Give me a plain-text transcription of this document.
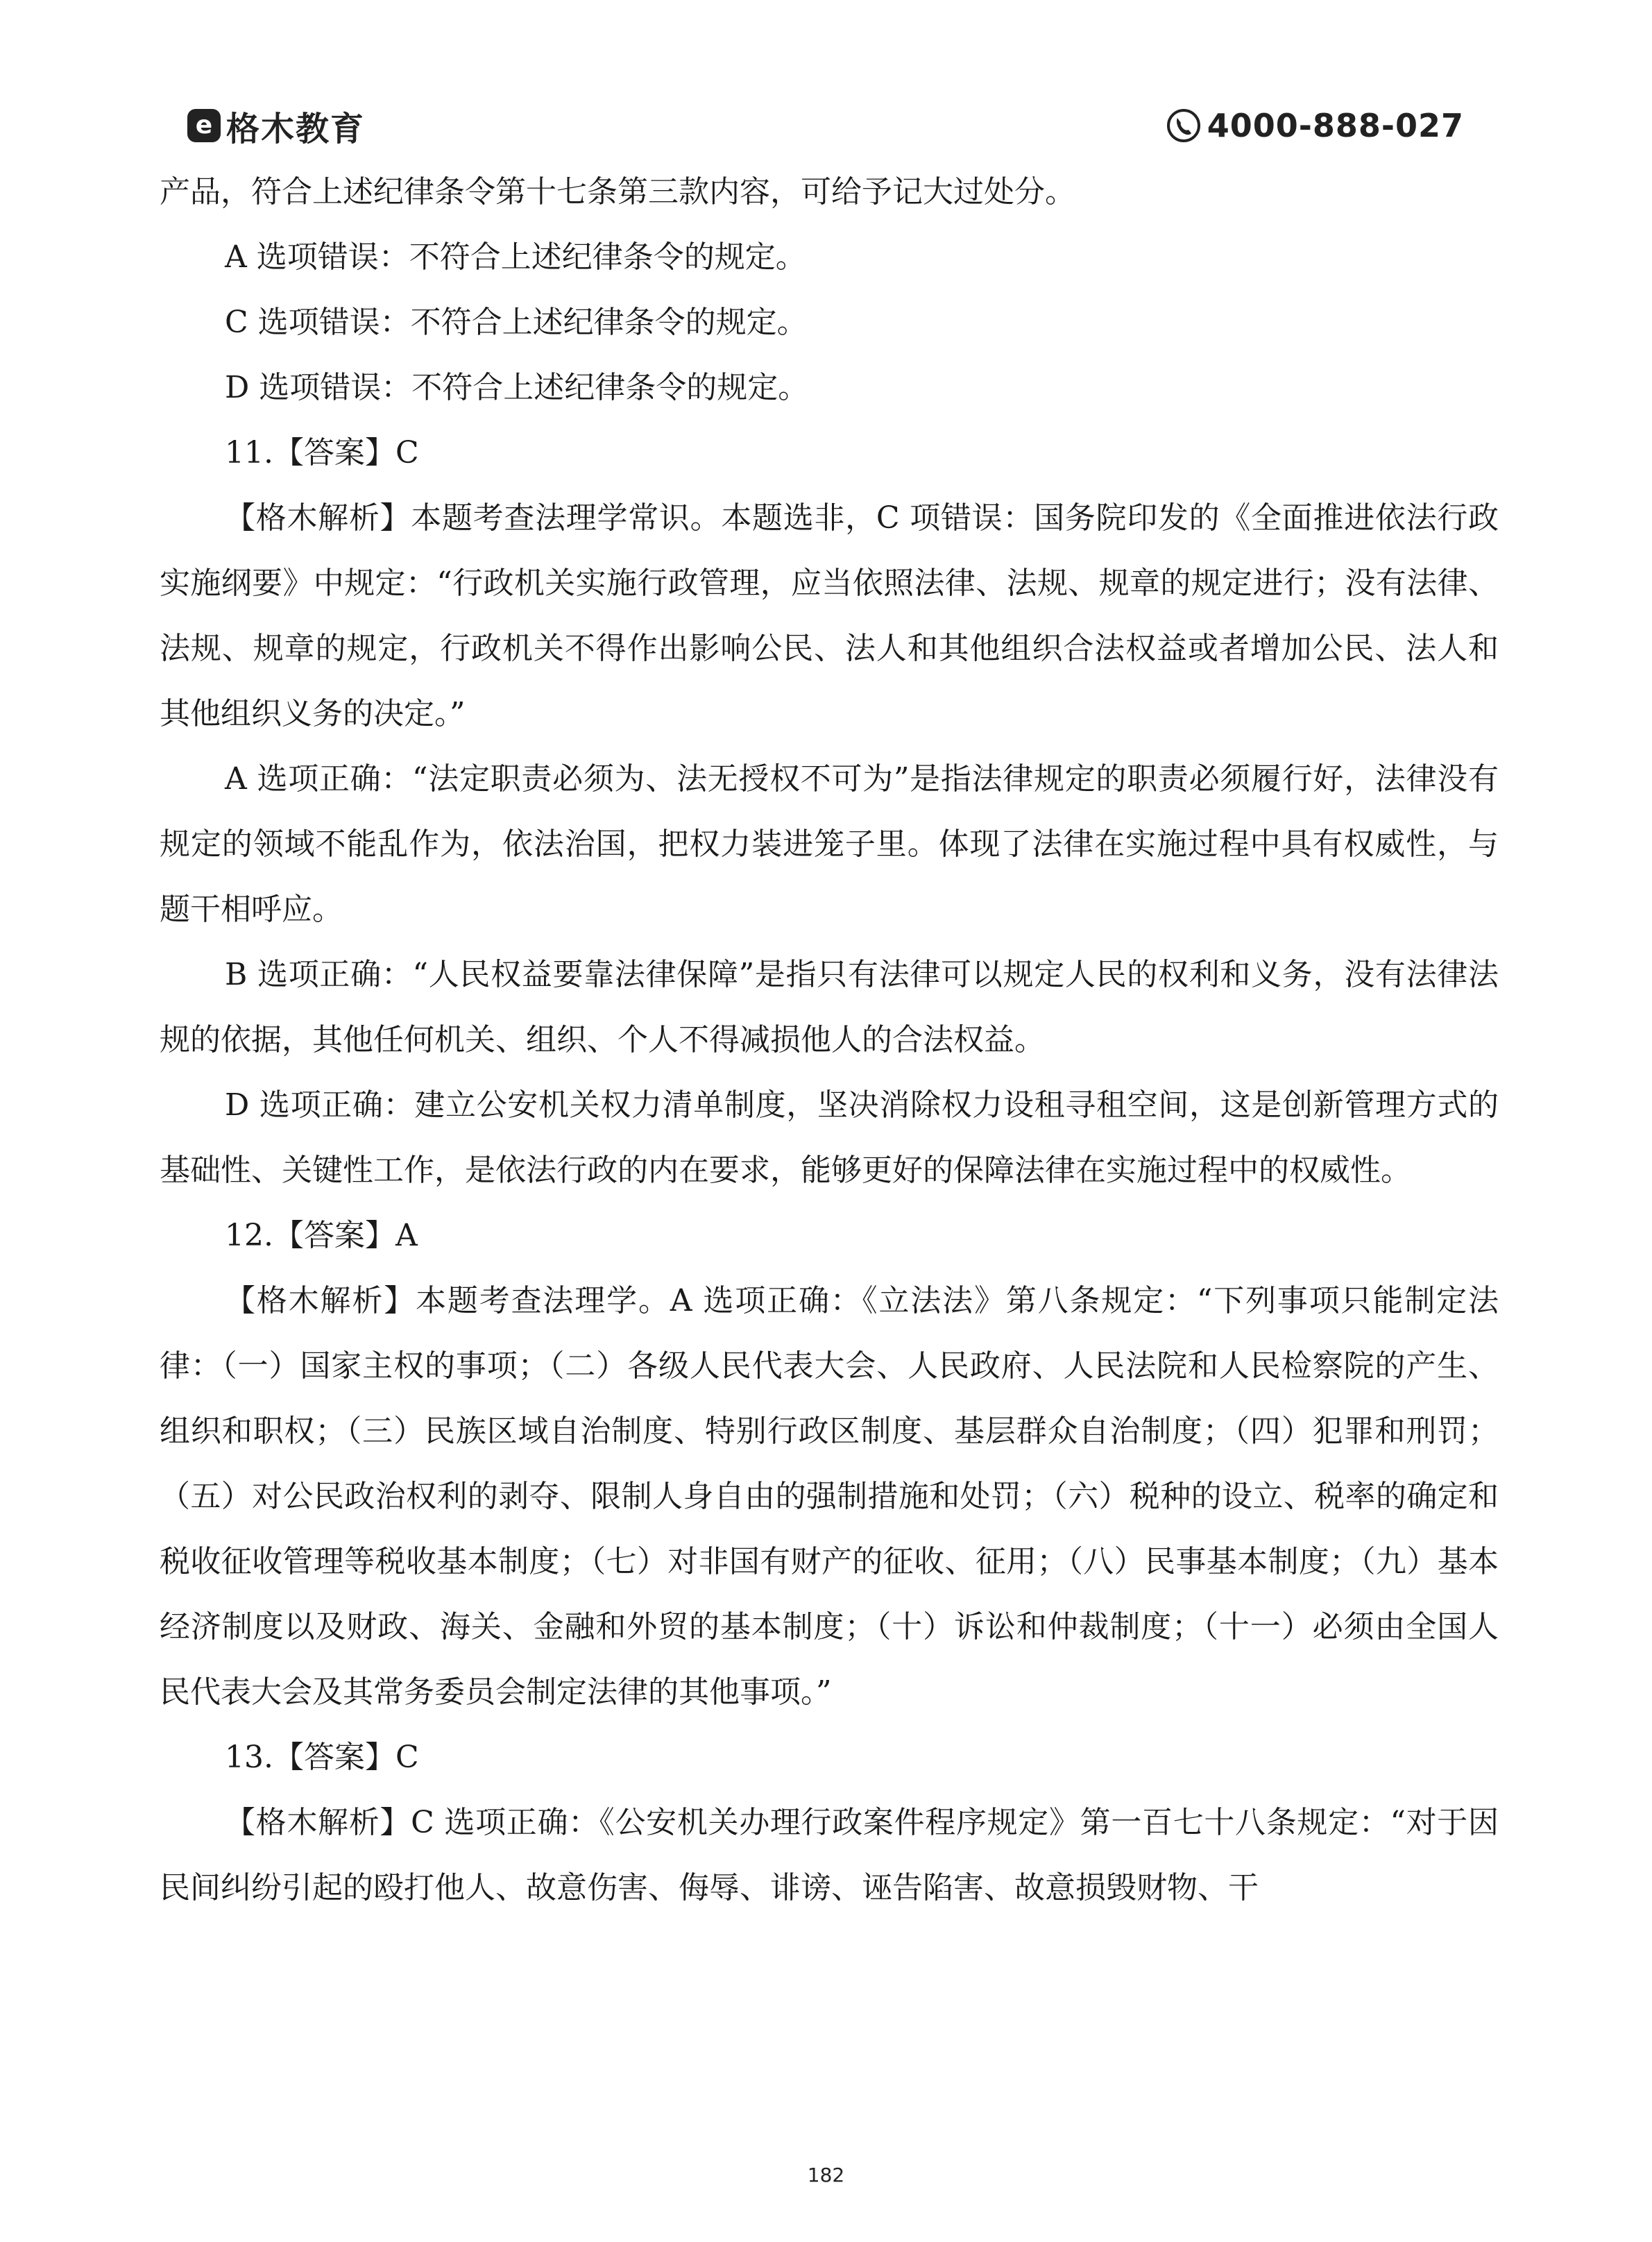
e 格木教育	4000-888-027

产品，符合上述纪律条令第十七条第三款内容，可给予记大过处分。

A 选项错误：不符合上述纪律条令的规定。

C 选项错误：不符合上述纪律条令的规定。

D 选项错误：不符合上述纪律条令的规定。

11.【答案】C

【格木解析】本题考查法理学常识。本题选非，C 项错误：国务院印发的《全面推进依法行政实施纲要》中规定：“行政机关实施行政管理，应当依照法律、法规、规章的规定进行；没有法律、法规、规章的规定，行政机关不得作出影响公民、法人和其他组织合法权益或者增加公民、法人和其他组织义务的决定。”

A 选项正确：“法定职责必须为、法无授权不可为”是指法律规定的职责必须履行好，法律没有规定的领域不能乱作为，依法治国，把权力装进笼子里。体现了法律在实施过程中具有权威性，与题干相呼应。

B 选项正确：“人民权益要靠法律保障”是指只有法律可以规定人民的权利和义务，没有法律法规的依据，其他任何机关、组织、个人不得减损他人的合法权益。

D 选项正确：建立公安机关权力清单制度，坚决消除权力设租寻租空间，这是创新管理方式的基础性、关键性工作，是依法行政的内在要求，能够更好的保障法律在实施过程中的权威性。

12.【答案】A

【格木解析】本题考查法理学。A 选项正确：《立法法》第八条规定：“下列事项只能制定法律：（一）国家主权的事项；（二）各级人民代表大会、人民政府、人民法院和人民检察院的产生、组织和职权；（三）民族区域自治制度、特别行政区制度、基层群众自治制度；（四）犯罪和刑罚；（五）对公民政治权利的剥夺、限制人身自由的强制措施和处罚；（六）税种的设立、税率的确定和税收征收管理等税收基本制度；（七）对非国有财产的征收、征用；（八）民事基本制度；（九）基本经济制度以及财政、海关、金融和外贸的基本制度；（十）诉讼和仲裁制度；（十一）必须由全国人民代表大会及其常务委员会制定法律的其他事项。”

13.【答案】C

【格木解析】C 选项正确：《公安机关办理行政案件程序规定》第一百七十八条规定：“对于因民间纠纷引起的殴打他人、故意伤害、侮辱、诽谤、诬告陷害、故意损毁财物、干

182
